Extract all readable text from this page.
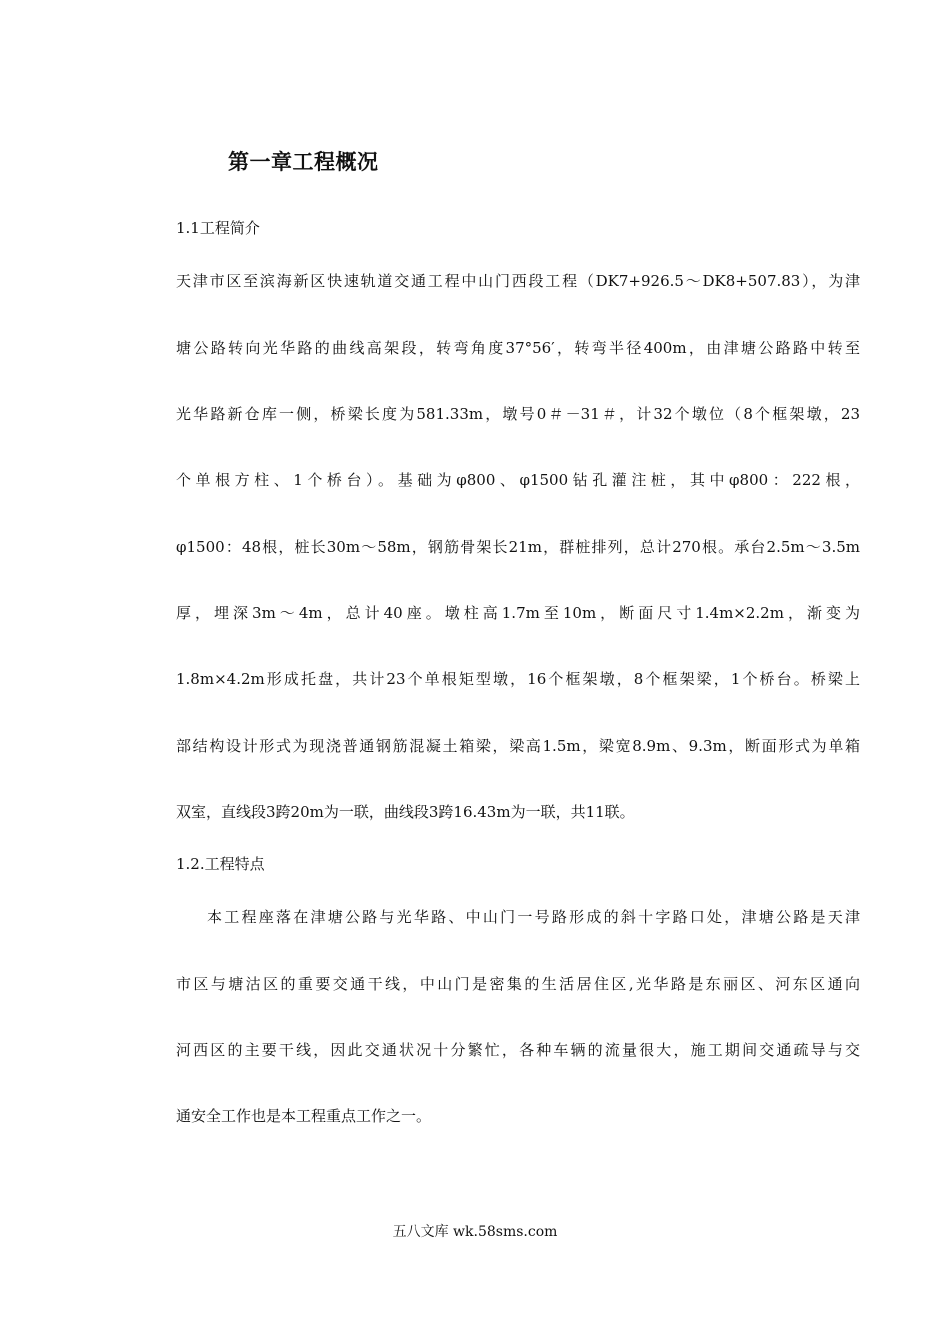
第一章工程概况
1.1工程简介
天津市区至滨海新区快速轨道交通工程中山门西段工程（DK7+926.5～DK8+507.83），为津
塘公路转向光华路的曲线高架段，转弯角度37°56′，转弯半径400m，由津塘公路路中转至
光华路新仓库一侧，桥梁长度为581.33m，墩号0＃－31＃，计32个墩位（8个框架墩，23
个单根方柱、1个桥台）。基础为φ800、φ1500钻孔灌注桩，其中φ800：222根，
φ1500：48根，桩长30m～58m，钢筋骨架长21m，群桩排列，总计270根。承台2.5m～3.5m
厚，埋深3m～4m，总计40座。墩柱高1.7m至10m，断面尺寸1.4m×2.2m，渐变为
1.8m×4.2m形成托盘，共计23个单根矩型墩，16个框架墩，8个框架梁，1个桥台。桥梁上
部结构设计形式为现浇普通钢筋混凝土箱梁，梁高1.5m，梁宽8.9m、9.3m，断面形式为单箱
双室，直线段3跨20m为一联，曲线段3跨16.43m为一联，共11联。
1.2.工程特点
本工程座落在津塘公路与光华路、中山门一号路形成的斜十字路口处，津塘公路是天津
市区与塘沽区的重要交通干线，中山门是密集的生活居住区,光华路是东丽区、河东区通向
河西区的主要干线，因此交通状况十分繁忙，各种车辆的流量很大，施工期间交通疏导与交
通安全工作也是本工程重点工作之一。
五八文库 wk.58sms.com
